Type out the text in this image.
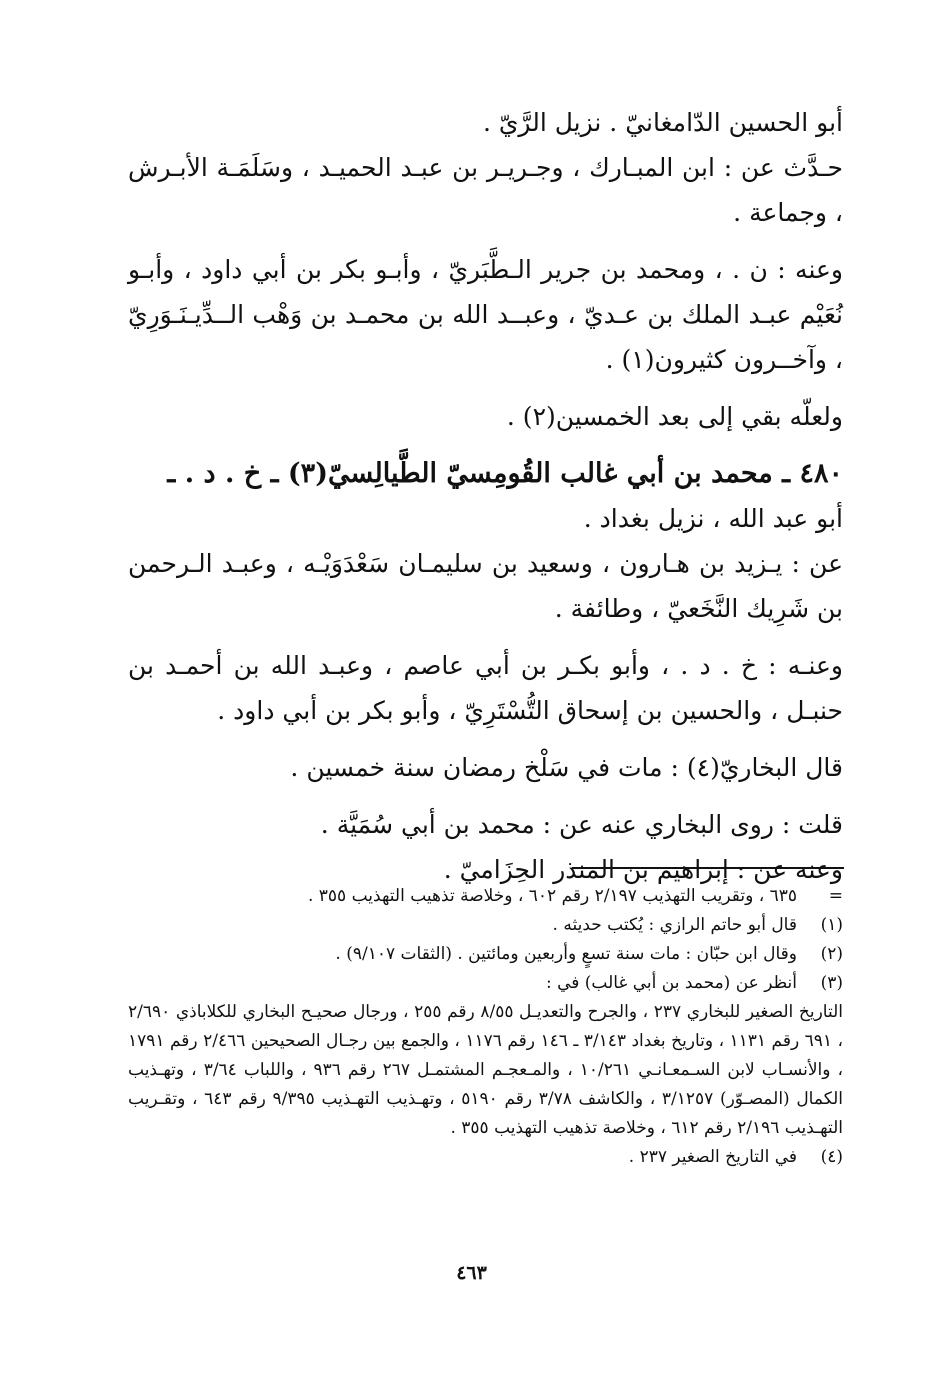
أبو الحسين الدّامغانيّ . نزيل الرَّيّ .

حـدَّث عن : ابن المبـارك ، وجـريـر بن عبـد الحميـد ، وسَلَمَـة الأبـرش ، وجماعة .

وعنه : ن . ، ومحمد بن جرير الـطَّبَريّ ، وأبـو بكر بن أبي داود ، وأبـو نُعَيْم عبـد الملك بن عـديّ ، وعبــد الله بن محمـد بن وَهْب الــدِّيـنَـوَرِيّ ، وآخــرون كثيرون(١) .

ولعلّه بقي إلى بعد الخمسين(٢) .

٤٨٠ ـ محمد بن أبي غالب القُومِسيّ الطَّيالِسيّ(٣) ـ خ . د . ـ

أبو عبد الله ، نزيل بغداد .

عن : يـزيد بن هـارون ، وسعيد بن سليمـان سَعْدَوَيْـه ، وعبـد الـرحمن بن شَرِيك النَّخَعيّ ، وطائفة .

وعنـه : خ . د . ، وأبو بكـر بن أبي عاصم ، وعبـد الله بن أحمـد بن حنبـل ، والحسين بن إسحاق التُّسْتَرِيّ ، وأبو بكر بن أبي داود .

قال البخاريّ(٤) : مات في سَلْخ رمضان سنة خمسين .

قلت : روى البخاري عنه عن : محمد بن أبي سُمَيَّة .

وعنه عن : إبراهيم بن المنذر الحِزَاميّ .

=
٦٣٥ ، وتقريب التهذيب ٢/١٩٧ رقم ٦٠٢ ، وخلاصة تذهيب التهذيب ٣٥٥ .
(١)
قال أبو حاتم الرازي : يُكتب حديثه .
(٢)
وقال ابن حبّان : مات سنة تسعٍ وأربعين ومائتين . (الثقات ٩/١٠٧) .
(٣)
أنظر عن (محمد بن أبي غالب) في :

التاريخ الصغير للبخاري ٢٣٧ ، والجرح والتعديـل ٨/٥٥ رقم ٢٥٥ ، ورجال صحيـح البخاري للكلاباذي ٢/٦٩٠ ، ٦٩١ رقم ١١٣١ ، وتاريخ بغداد ٣/١٤٣ ـ ١٤٦ رقم ١١٧٦ ، والجمع بين رجـال الصحيحين ٢/٤٦٦ رقم ١٧٩١ ، والأنسـاب لابن السـمعـانـي ١٠/٢٦١ ، والمـعجـم المشتمـل ٢٦٧ رقم ٩٣٦ ، واللباب ٣/٦٤ ، وتهـذيب الكمال (المصـوّر) ٣/١٢٥٧ ، والكاشف ٣/٧٨ رقم ٥١٩٠ ، وتهـذيب التهـذيب ٩/٣٩٥ رقم ٦٤٣ ، وتقـريب التهـذيب ٢/١٩٦ رقم ٦١٢ ، وخلاصة تذهيب التهذيب ٣٥٥ .

(٤)
في التاريخ الصغير ٢٣٧ .
٤٦٣
